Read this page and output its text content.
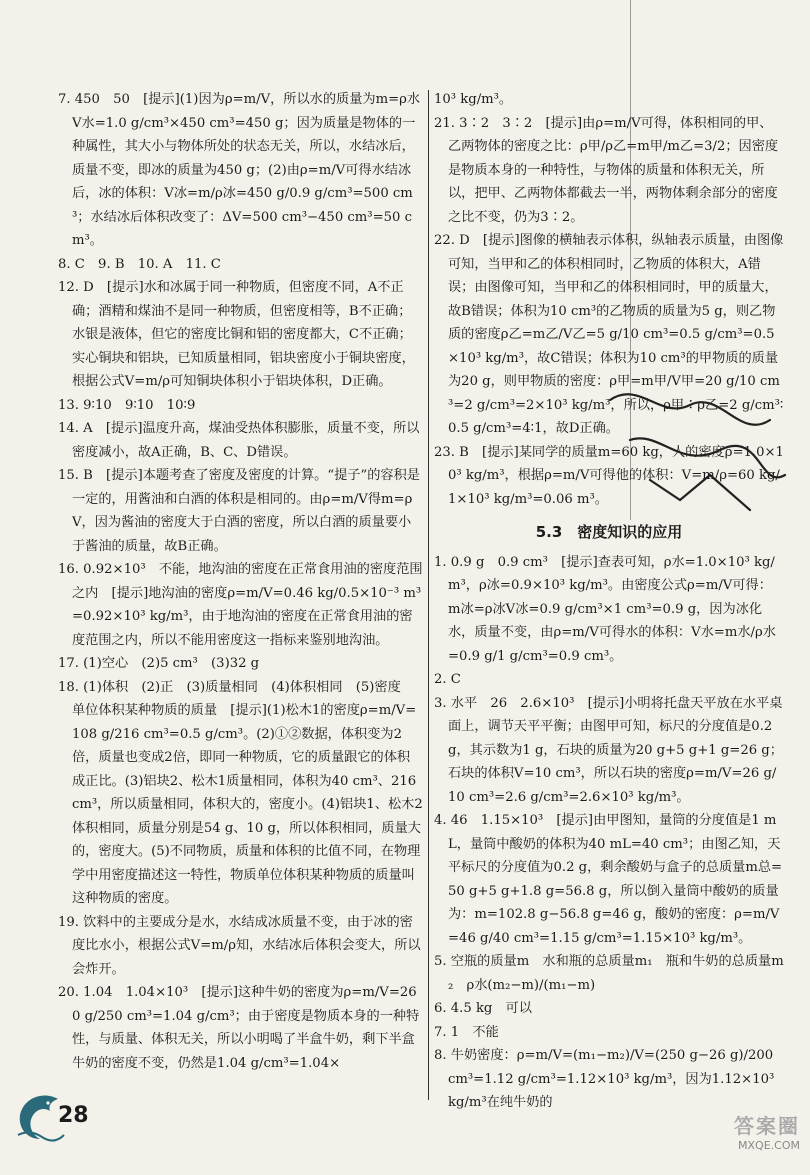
7. 450　50　[提示](1)因为ρ=m/V，所以水的质量为m=ρ水V水=1.0 g/cm³×450 cm³=450 g；因为质量是物体的一种属性，其大小与物体所处的状态无关，所以，水结冰后，质量不变，即冰的质量为450 g；(2)由ρ=m/V可得水结冰后，冰的体积：V冰=m/ρ冰=450 g/0.9 g/cm³=500 cm³；水结冰后体积改变了：ΔV=500 cm³−450 cm³=50 cm³。

8. C　9. B　10. A　11. C

12. D　[提示]水和冰属于同一种物质，但密度不同，A不正确；酒精和煤油不是同一种物质，但密度相等，B不正确；水银是液体，但它的密度比铜和铝的密度都大，C不正确；实心铜块和铝块，已知质量相同，铝块密度小于铜块密度，根据公式V=m/ρ可知铜块体积小于铝块体积，D正确。

13. 9∶10　9∶10　10∶9

14. A　[提示]温度升高，煤油受热体积膨胀，质量不变，所以密度减小，故A正确，B、C、D错误。

15. B　[提示]本题考查了密度及密度的计算。“提子”的容积是一定的，用酱油和白酒的体积是相同的。由ρ=m/V得m=ρV，因为酱油的密度大于白酒的密度，所以白酒的质量要小于酱油的质量，故B正确。

16. 0.92×10³　不能，地沟油的密度在正常食用油的密度范围之内　[提示]地沟油的密度ρ=m/V=0.46 kg/0.5×10⁻³ m³=0.92×10³ kg/m³，由于地沟油的密度在正常食用油的密度范围之内，所以不能用密度这一指标来鉴别地沟油。

17. (1)空心　(2)5 cm³　(3)32 g

18. (1)体积　(2)正　(3)质量相同　(4)体积相同　(5)密度　单位体积某种物质的质量　[提示](1)松木1的密度ρ=m/V=108 g/216 cm³=0.5 g/cm³。(2)①②数据，体积变为2倍，质量也变成2倍，即同一种物质，它的质量跟它的体积成正比。(3)铝块2、松木1质量相同，体积为40 cm³、216 cm³，所以质量相同，体积大的，密度小。(4)铝块1、松木2体积相同，质量分别是54 g、10 g，所以体积相同，质量大的，密度大。(5)不同物质，质量和体积的比值不同，在物理学中用密度描述这一特性，物质单位体积某种物质的质量叫这种物质的密度。

19. 饮料中的主要成分是水，水结成冰质量不变，由于冰的密度比水小，根据公式V=m/ρ知，水结冰后体积会变大，所以会炸开。

20. 1.04　1.04×10³　[提示]这种牛奶的密度为ρ=m/V=260 g/250 cm³=1.04 g/cm³；由于密度是物质本身的一种特性，与质量、体积无关，所以小明喝了半盒牛奶，剩下半盒牛奶的密度不变，仍然是1.04 g/cm³=1.04×

10³ kg/m³。

21. 3∶2　3∶2　[提示]由ρ=m/V可得，体积相同的甲、乙两物体的密度之比：ρ甲/ρ乙=m甲/m乙=3/2；因密度是物质本身的一种特性，与物体的质量和体积无关，所以，把甲、乙两物体都截去一半，两物体剩余部分的密度之比不变，仍为3∶2。

22. D　[提示]图像的横轴表示体积，纵轴表示质量，由图像可知，当甲和乙的体积相同时，乙物质的体积大，A错误；由图像可知，当甲和乙的体积相同时，甲的质量大，故B错误；体积为10 cm³的乙物质的质量为5 g，则乙物质的密度ρ乙=m乙/V乙=5 g/10 cm³=0.5 g/cm³=0.5×10³ kg/m³，故C错误；体积为10 cm³的甲物质的质量为20 g，则甲物质的密度：ρ甲=m甲/V甲=20 g/10 cm³=2 g/cm³=2×10³ kg/m³，所以，ρ甲∶ρ乙=2 g/cm³∶0.5 g/cm³=4∶1，故D正确。

23. B　[提示]某同学的质量m=60 kg，人的密度ρ=1.0×10³ kg/m³，根据ρ=m/V可得他的体积：V=m/ρ=60 kg/1×10³ kg/m³=0.06 m³。

5.3　密度知识的应用

1. 0.9 g　0.9 cm³　[提示]查表可知，ρ水=1.0×10³ kg/m³，ρ冰=0.9×10³ kg/m³。由密度公式ρ=m/V可得：m冰=ρ冰V冰=0.9 g/cm³×1 cm³=0.9 g，因为冰化水，质量不变，由ρ=m/V可得水的体积：V水=m水/ρ水=0.9 g/1 g/cm³=0.9 cm³。

2. C

3. 水平　26　2.6×10³　[提示]小明将托盘天平放在水平桌面上，调节天平平衡；由图甲可知，标尺的分度值是0.2 g，其示数为1 g，石块的质量为20 g+5 g+1 g=26 g；石块的体积V=10 cm³，所以石块的密度ρ=m/V=26 g/10 cm³=2.6 g/cm³=2.6×10³ kg/m³。

4. 46　1.15×10³　[提示]由甲图知，量筒的分度值是1 mL，量筒中酸奶的体积为40 mL=40 cm³；由图乙知，天平标尺的分度值为0.2 g，剩余酸奶与盒子的总质量m总=50 g+5 g+1.8 g=56.8 g，所以倒入量筒中酸奶的质量为：m=102.8 g−56.8 g=46 g，酸奶的密度：ρ=m/V=46 g/40 cm³=1.15 g/cm³=1.15×10³ kg/m³。

5. 空瓶的质量m　水和瓶的总质量m₁　瓶和牛奶的总质量m₂　ρ水(m₂−m)/(m₁−m)

6. 4.5 kg　可以

7. 1　不能

8. 牛奶密度：ρ=m/V=(m₁−m₂)/V=(250 g−26 g)/200 cm³=1.12 g/cm³=1.12×10³ kg/m³，因为1.12×10³ kg/m³在纯牛奶的

28	答案圈
MXQE.COM
